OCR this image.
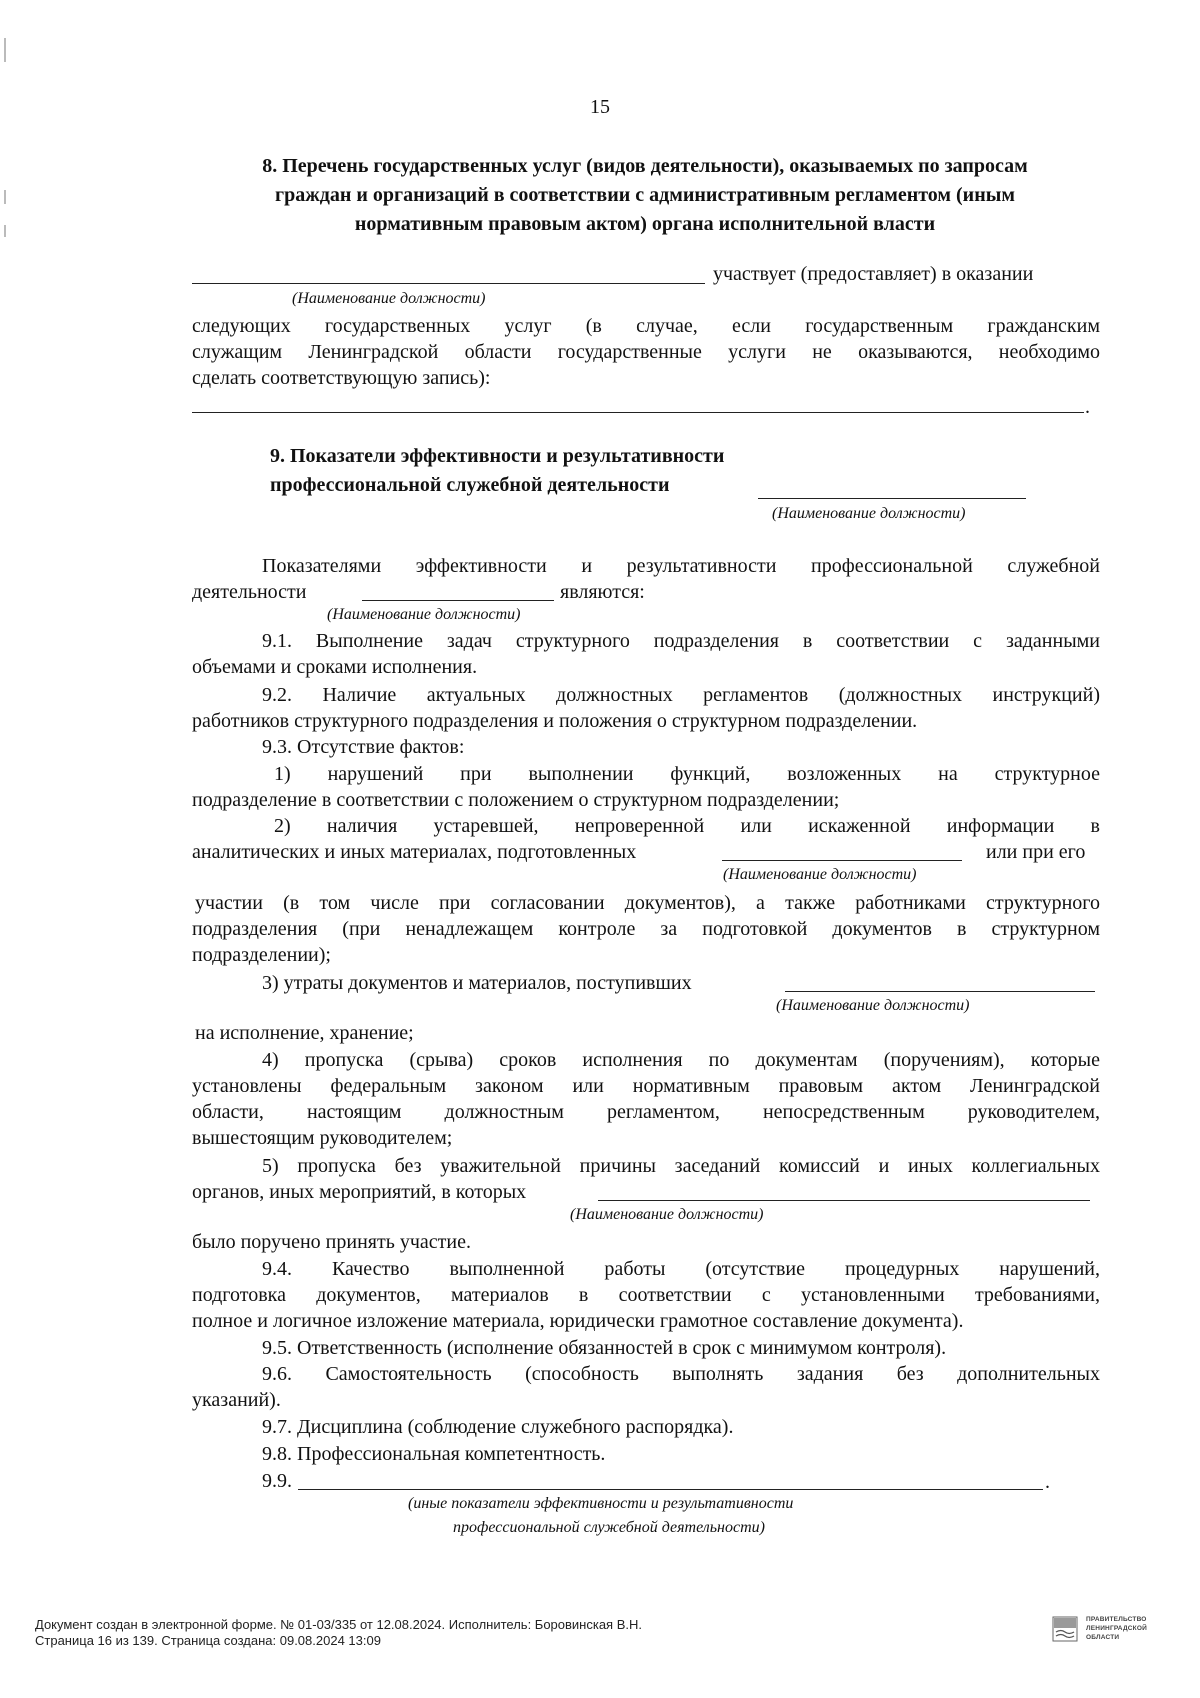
15
8. Перечень государственных услуг (видов деятельности), оказываемых по запросам
граждан и организаций в соответствии с административным регламентом (иным
нормативным правовым актом) органа исполнительной власти
участвует (предоставляет) в оказании
(Наименование должности)
следующих государственных услуг (в случае, если государственным гражданским
служащим Ленинградской области государственные услуги не оказываются, необходимо
сделать соответствующую запись):
.
9. Показатели эффективности и результативности
профессиональной служебной деятельности
(Наименование должности)
Показателями эффективности и результативности профессиональной служебной
деятельности	являются:
(Наименование должности)
9.1. Выполнение задач структурного подразделения в соответствии с заданными
объемами и сроками исполнения.
9.2. Наличие актуальных должностных регламентов (должностных инструкций)
работников структурного подразделения и положения о структурном подразделении.
9.3. Отсутствие фактов:
1) нарушений при выполнении функций, возложенных на структурное
подразделение в соответствии с положением о структурном подразделении;
2) наличия устаревшей, непроверенной или искаженной информации в
аналитических и иных материалах, подготовленных	или при его
(Наименование должности)
участии (в том числе при согласовании документов), а также работниками структурного
подразделения (при ненадлежащем контроле за подготовкой документов в структурном
подразделении);
3) утраты документов и материалов, поступивших
(Наименование должности)
на исполнение, хранение;
4) пропуска (срыва) сроков исполнения по документам (поручениям), которые
установлены федеральным законом или нормативным правовым актом Ленинградской
области, настоящим должностным регламентом, непосредственным руководителем,
вышестоящим руководителем;
5) пропуска без уважительной причины заседаний комиссий и иных коллегиальных
органов, иных мероприятий, в которых
(Наименование должности)
было поручено принять участие.
9.4. Качество выполненной работы (отсутствие процедурных нарушений,
подготовка документов, материалов в соответствии с установленными требованиями,
полное и логичное изложение материала, юридически грамотное составление документа).
9.5. Ответственность (исполнение обязанностей в срок с минимумом контроля).
9.6. Самостоятельность (способность выполнять задания без дополнительных
указаний).
9.7. Дисциплина (соблюдение служебного распорядка).
9.8. Профессиональная компетентность.
9.9.	.
(иные показатели эффективности и результативности
профессиональной служебной деятельности)
Документ создан в электронной форме. № 01-03/335 от 12.08.2024. Исполнитель: Боровинская В.Н.
Страница 16 из 139. Страница создана: 09.08.2024 13:09
ПРАВИТЕЛЬСТВО
ЛЕНИНГРАДСКОЙ
ОБЛАСТИ
